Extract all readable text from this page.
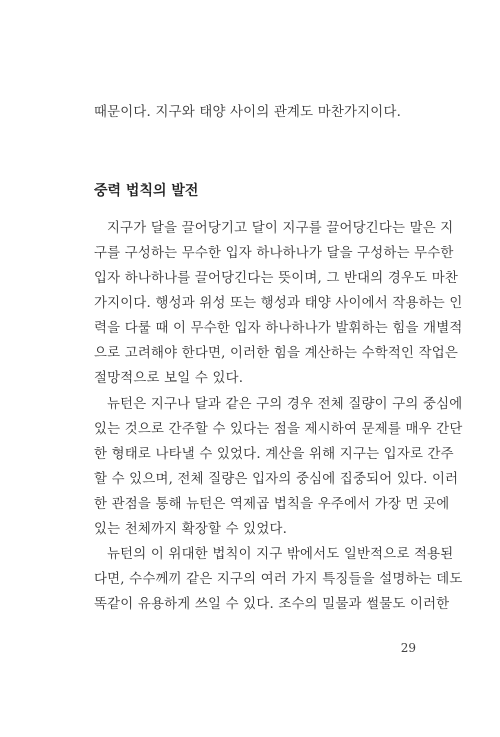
때문이다. 지구와 태양 사이의 관계도 마찬가지이다.
중력 법칙의 발전
지구가 달을 끌어당기고 달이 지구를 끌어당긴다는 말은 지
구를 구성하는 무수한 입자 하나하나가 달을 구성하는 무수한
입자 하나하나를 끌어당긴다는 뜻이며, 그 반대의 경우도 마찬
가지이다. 행성과 위성 또는 행성과 태양 사이에서 작용하는 인
력을 다룰 때 이 무수한 입자 하나하나가 발휘하는 힘을 개별적
으로 고려해야 한다면, 이러한 힘을 계산하는 수학적인 작업은
절망적으로 보일 수 있다.
뉴턴은 지구나 달과 같은 구의 경우 전체 질량이 구의 중심에
있는 것으로 간주할 수 있다는 점을 제시하여 문제를 매우 간단
한 형태로 나타낼 수 있었다. 계산을 위해 지구는 입자로 간주
할 수 있으며, 전체 질량은 입자의 중심에 집중되어 있다. 이러
한 관점을 통해 뉴턴은 역제곱 법칙을 우주에서 가장 먼 곳에
있는 천체까지 확장할 수 있었다.
뉴턴의 이 위대한 법칙이 지구 밖에서도 일반적으로 적용된
다면, 수수께끼 같은 지구의 여러 가지 특징들을 설명하는 데도
똑같이 유용하게 쓰일 수 있다. 조수의 밀물과 썰물도 이러한
29
